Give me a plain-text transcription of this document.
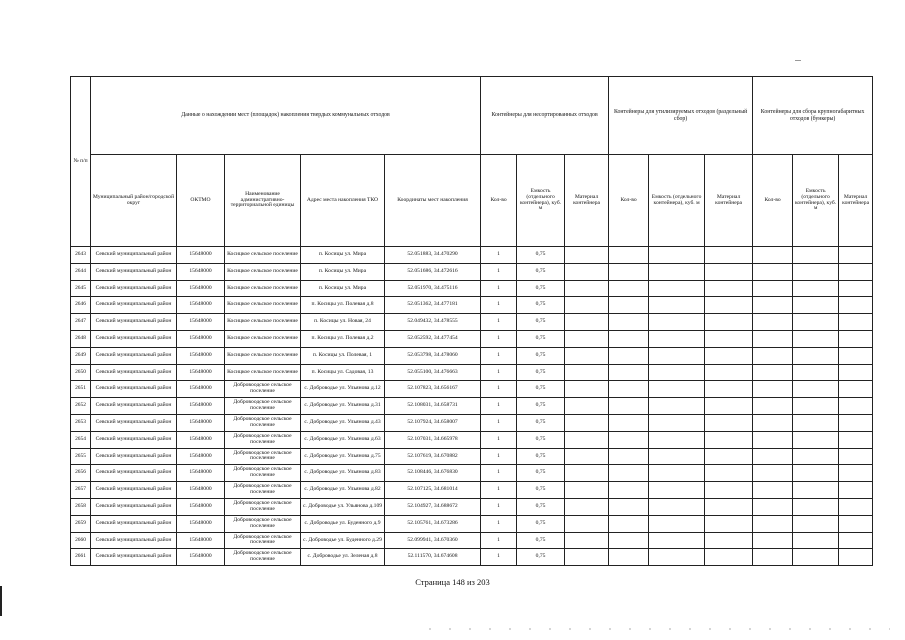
№ п/п	Данные о нахождении мест (площадок) накопления твердых коммунальных отходов					Контейнеры для несортированных отходов			Контейнеры для утилизируемых отходов (раздельный сбор)			Контейнеры для сбора крупногабаритных отходов (бункеры)		
	Муниципальный район/городской округ	ОКТМО	Наименование административно-территориальной единицы	Адрес места накопления ТКО	Координаты мест накопления	Кол-во	Емкость (отдельного контейнера), куб. м	Материал контейнера	Кол-во	Емкость (отдельного контейнера), куб. м	Материал контейнера	Кол-во	Емкость (отдельного контейнера), куб. м	Материал контейнера
2643	Севский муниципальный район	15648000	Косицкое сельское поселение	п. Косицы ул. Мира	52.051883, 34.470290	1	0,75							
2644	Севский муниципальный район	15648000	Косицкое сельское поселение	п. Косицы ул. Мира	52.051686, 34.472616	1	0,75							
2645	Севский муниципальный район	15648000	Косицкое сельское поселение	п. Косицы ул. Мира	52.051970, 34.475116	1	0,75							
2646	Севский муниципальный район	15648000	Косицкое сельское поселение	п. Косицы ул. Полевая д.8	52.051362, 34.477181	1	0,75							
2647	Севский муниципальный район	15648000	Косицкое сельское поселение	п. Косицы ул. Новая, 24	52.049432, 34.478555	1	0,75							
2648	Севский муниципальный район	15648000	Косицкое сельское поселение	п. Косицы ул. Полевая д.2	52.052592, 34.477454	1	0,75							
2649	Севский муниципальный район	15648000	Косицкое сельское поселение	п. Косицы ул. Полевая, 1	52.053798, 34.478060	1	0,75							
2650	Севский муниципальный район	15648000	Косицкое сельское поселение	п. Косицы ул. Садовая, 13	52.055100, 34.476663	1	0,75							
2651	Севский муниципальный район	15648000	Добровоодское сельское поселение	с. Доброводье ул. Ульянова д.12	52.107823, 34.656167	1	0,75							
2652	Севский муниципальный район	15648000	Добровоодское сельское поселение	с. Доброводье ул. Ульянова д.31	52.108031, 34.658731	1	0,75							
2653	Севский муниципальный район	15648000	Добровоодское сельское поселение	с. Доброводье ул. Ульянова д.43	52.107924, 34.658007	1	0,75							
2654	Севский муниципальный район	15648000	Добровоодское сельское поселение	с. Доброводье ул. Ульянова д.63	52.107031, 34.665978	1	0,75							
2655	Севский муниципальный район	15648000	Добровоодское сельское поселение	с. Доброводье ул. Ульянова д.75	52.107619, 34.670882	1	0,75							
2656	Севский муниципальный район	15648000	Добровоодское сельское поселение	с. Доброводье ул. Ульянова д.83	52.108446, 34.676830	1	0,75							
2657	Севский муниципальный район	15648000	Добровоодское сельское поселение	с. Доброводье ул. Ульянова д.82	52.107125, 34.681014	1	0,75							
2658	Севский муниципальный район	15648000	Добровоодское сельское поселение	с. Доброводье ул. Ульянова д.109	52.104927, 34.688672	1	0,75							
2659	Севский муниципальный район	15648000	Добровоодское сельское поселение	с. Доброводье ул. Буденного д.9	52.105761, 34.673286	1	0,75							
2660	Севский муниципальный район	15648000	Добровоодское сельское поселение	с. Доброводье ул. Буденного д.29	52.099941, 34.670360	1	0,75							
2661	Севский муниципальный район	15648000	Добровоодское сельское поселение	с. Доброводье ул. Зеленая д.8	52.111570, 34.674608	1	0,75							
Страница 148 из 203
